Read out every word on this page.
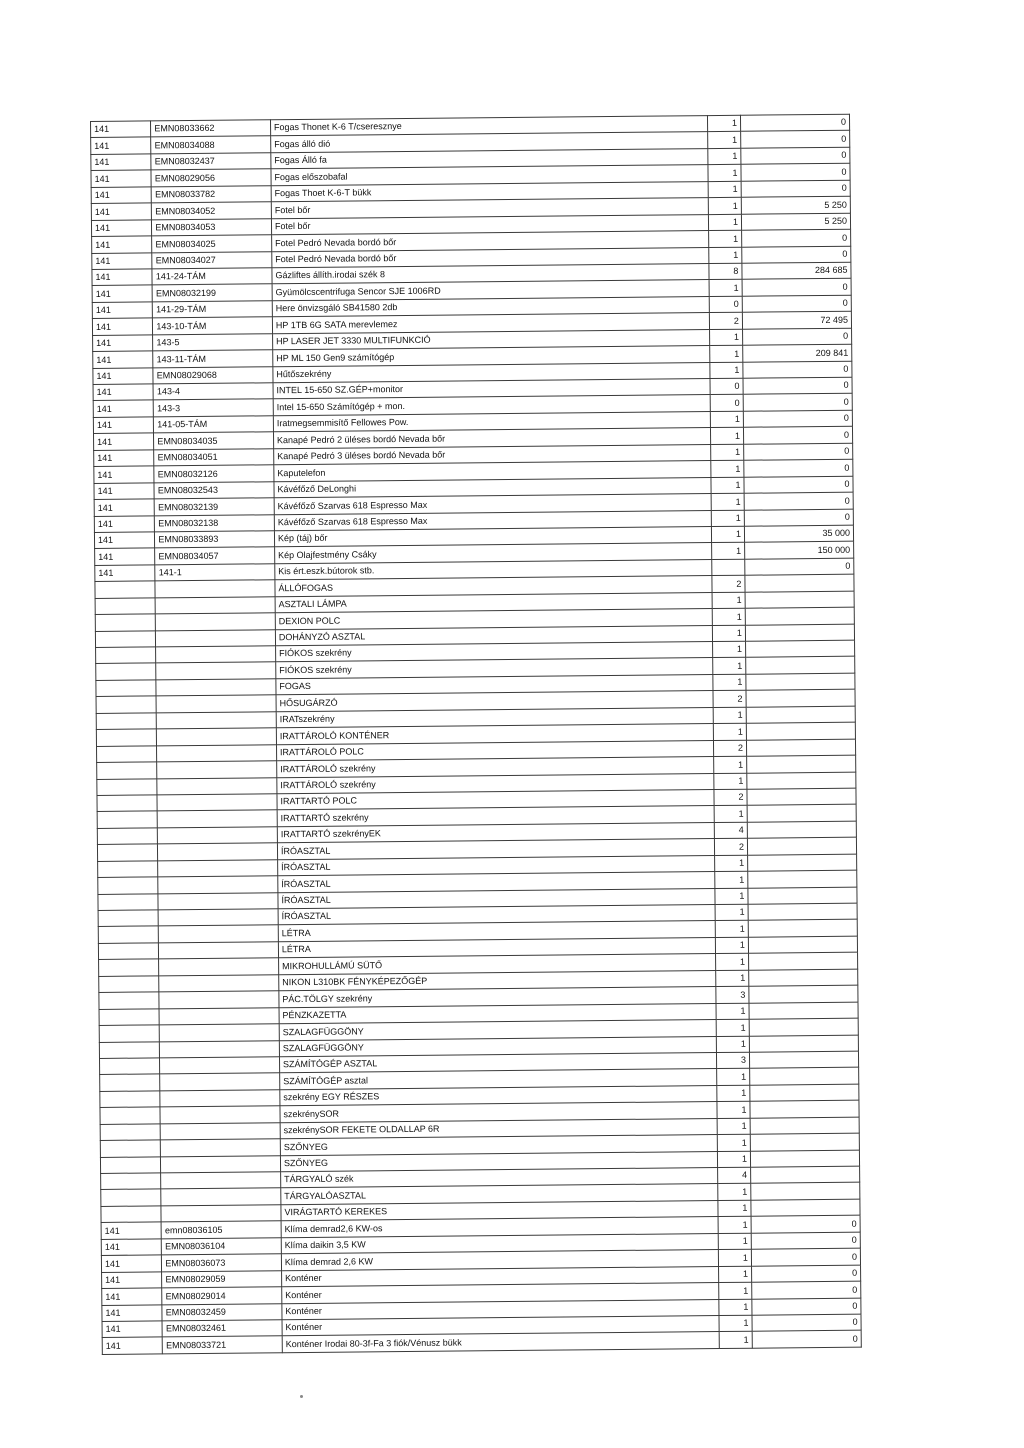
141	EMN08033662	Fogas Thonet K-6 T/cseresznye	1	0
141	EMN08034088	Fogas álló dió	1	0
141	EMN08032437	Fogas Álló fa	1	0
141	EMN08029056	Fogas előszobafal	1	0
141	EMN08033782	Fogas Thoet K-6-T bükk	1	0
141	EMN08034052	Fotel bőr	1	5 250
141	EMN08034053	Fotel bőr	1	5 250
141	EMN08034025	Fotel Pedró Nevada bordó bőr	1	0
141	EMN08034027	Fotel Pedró Nevada bordó bőr	1	0
141	141-24-TÁM	Gázliftes állíth.irodai szék 8	8	284 685
141	EMN08032199	Gyümölcscentrifuga Sencor SJE 1006RD	1	0
141	141-29-TÁM	Here önvizsgáló SB41580 2db	0	0
141	143-10-TÁM	HP 1TB 6G SATA merevlemez	2	72 495
141	143-5	HP LASER JET 3330 MULTIFUNKCIÓ	1	0
141	143-11-TÁM	HP ML 150 Gen9 számítógép	1	209 841
141	EMN08029068	Hűtőszekrény	1	0
141	143-4	INTEL 15-650 SZ.GÉP+monitor	0	0
141	143-3	Intel 15-650 Számítógép + mon.	0	0
141	141-05-TÁM	Iratmegsemmisítő Fellowes Pow.	1	0
141	EMN08034035	Kanapé Pedró 2 üléses bordó Nevada bőr	1	0
141	EMN08034051	Kanapé Pedró 3 üléses bordó Nevada bőr	1	0
141	EMN08032126	Kaputelefon	1	0
141	EMN08032543	Kávéfőző DeLonghi	1	0
141	EMN08032139	Kávéfőző Szarvas 618 Espresso Max	1	0
141	EMN08032138	Kávéfőző Szarvas 618 Espresso Max	1	0
141	EMN08033893	Kép (táj) bőr	1	35 000
141	EMN08034057	Kép Olajfestmény Csáky	1	150 000
141	141-1	Kis ért.eszk.bútorok stb.		0
		ÁLLÓFOGAS	2	
		ASZTALI LÁMPA	1	
		DEXION POLC	1	
		DOHÁNYZÓ ASZTAL	1	
		FIÓKOS szekrény	1	
		FIÓKOS szekrény	1	
		FOGAS	1	
		HŐSUGÁRZÓ	2	
		IRATszekrény	1	
		IRATTÁROLÓ KONTÉNER	1	
		IRATTÁROLÓ POLC	2	
		IRATTÁROLÓ szekrény	1	
		IRATTÁROLÓ szekrény	1	
		IRATTARTÓ POLC	2	
		IRATTARTÓ szekrény	1	
		IRATTARTÓ szekrényEK	4	
		ÍRÓASZTAL	2	
		ÍRÓASZTAL	1	
		ÍRÓASZTAL	1	
		ÍRÓASZTAL	1	
		ÍRÓASZTAL	1	
		LÉTRA	1	
		LÉTRA	1	
		MIKROHULLÁMÚ SÜTŐ	1	
		NIKON L310BK FÉNYKÉPEZŐGÉP	1	
		PÁC.TÖLGY szekrény	3	
		PÉNZKAZETTA	1	
		SZALAGFÜGGÖNY	1	
		SZALAGFÜGGÖNY	1	
		SZÁMÍTÓGÉP ASZTAL	3	
		SZÁMÍTÓGÉP asztal	1	
		szekrény EGY RÉSZES	1	
		szekrénySOR	1	
		szekrénySOR FEKETE OLDALLAP 6R	1	
		SZŐNYEG	1	
		SZŐNYEG	1	
		TÁRGYALÓ szék	4	
		TÁRGYALÓASZTAL	1	
		VIRÁGTARTÓ KEREKES	1	
141	emn08036105	Klíma demrad2,6 KW-os	1	0
141	EMN08036104	Klíma daikin 3,5 KW	1	0
141	EMN08036073	Klíma demrad 2,6 KW	1	0
141	EMN08029059	Konténer	1	0
141	EMN08029014	Konténer	1	0
141	EMN08032459	Konténer	1	0
141	EMN08032461	Konténer	1	0
141	EMN08033721	Konténer Irodai 80-3f-Fa 3 fiók/Vénusz bükk	1	0
